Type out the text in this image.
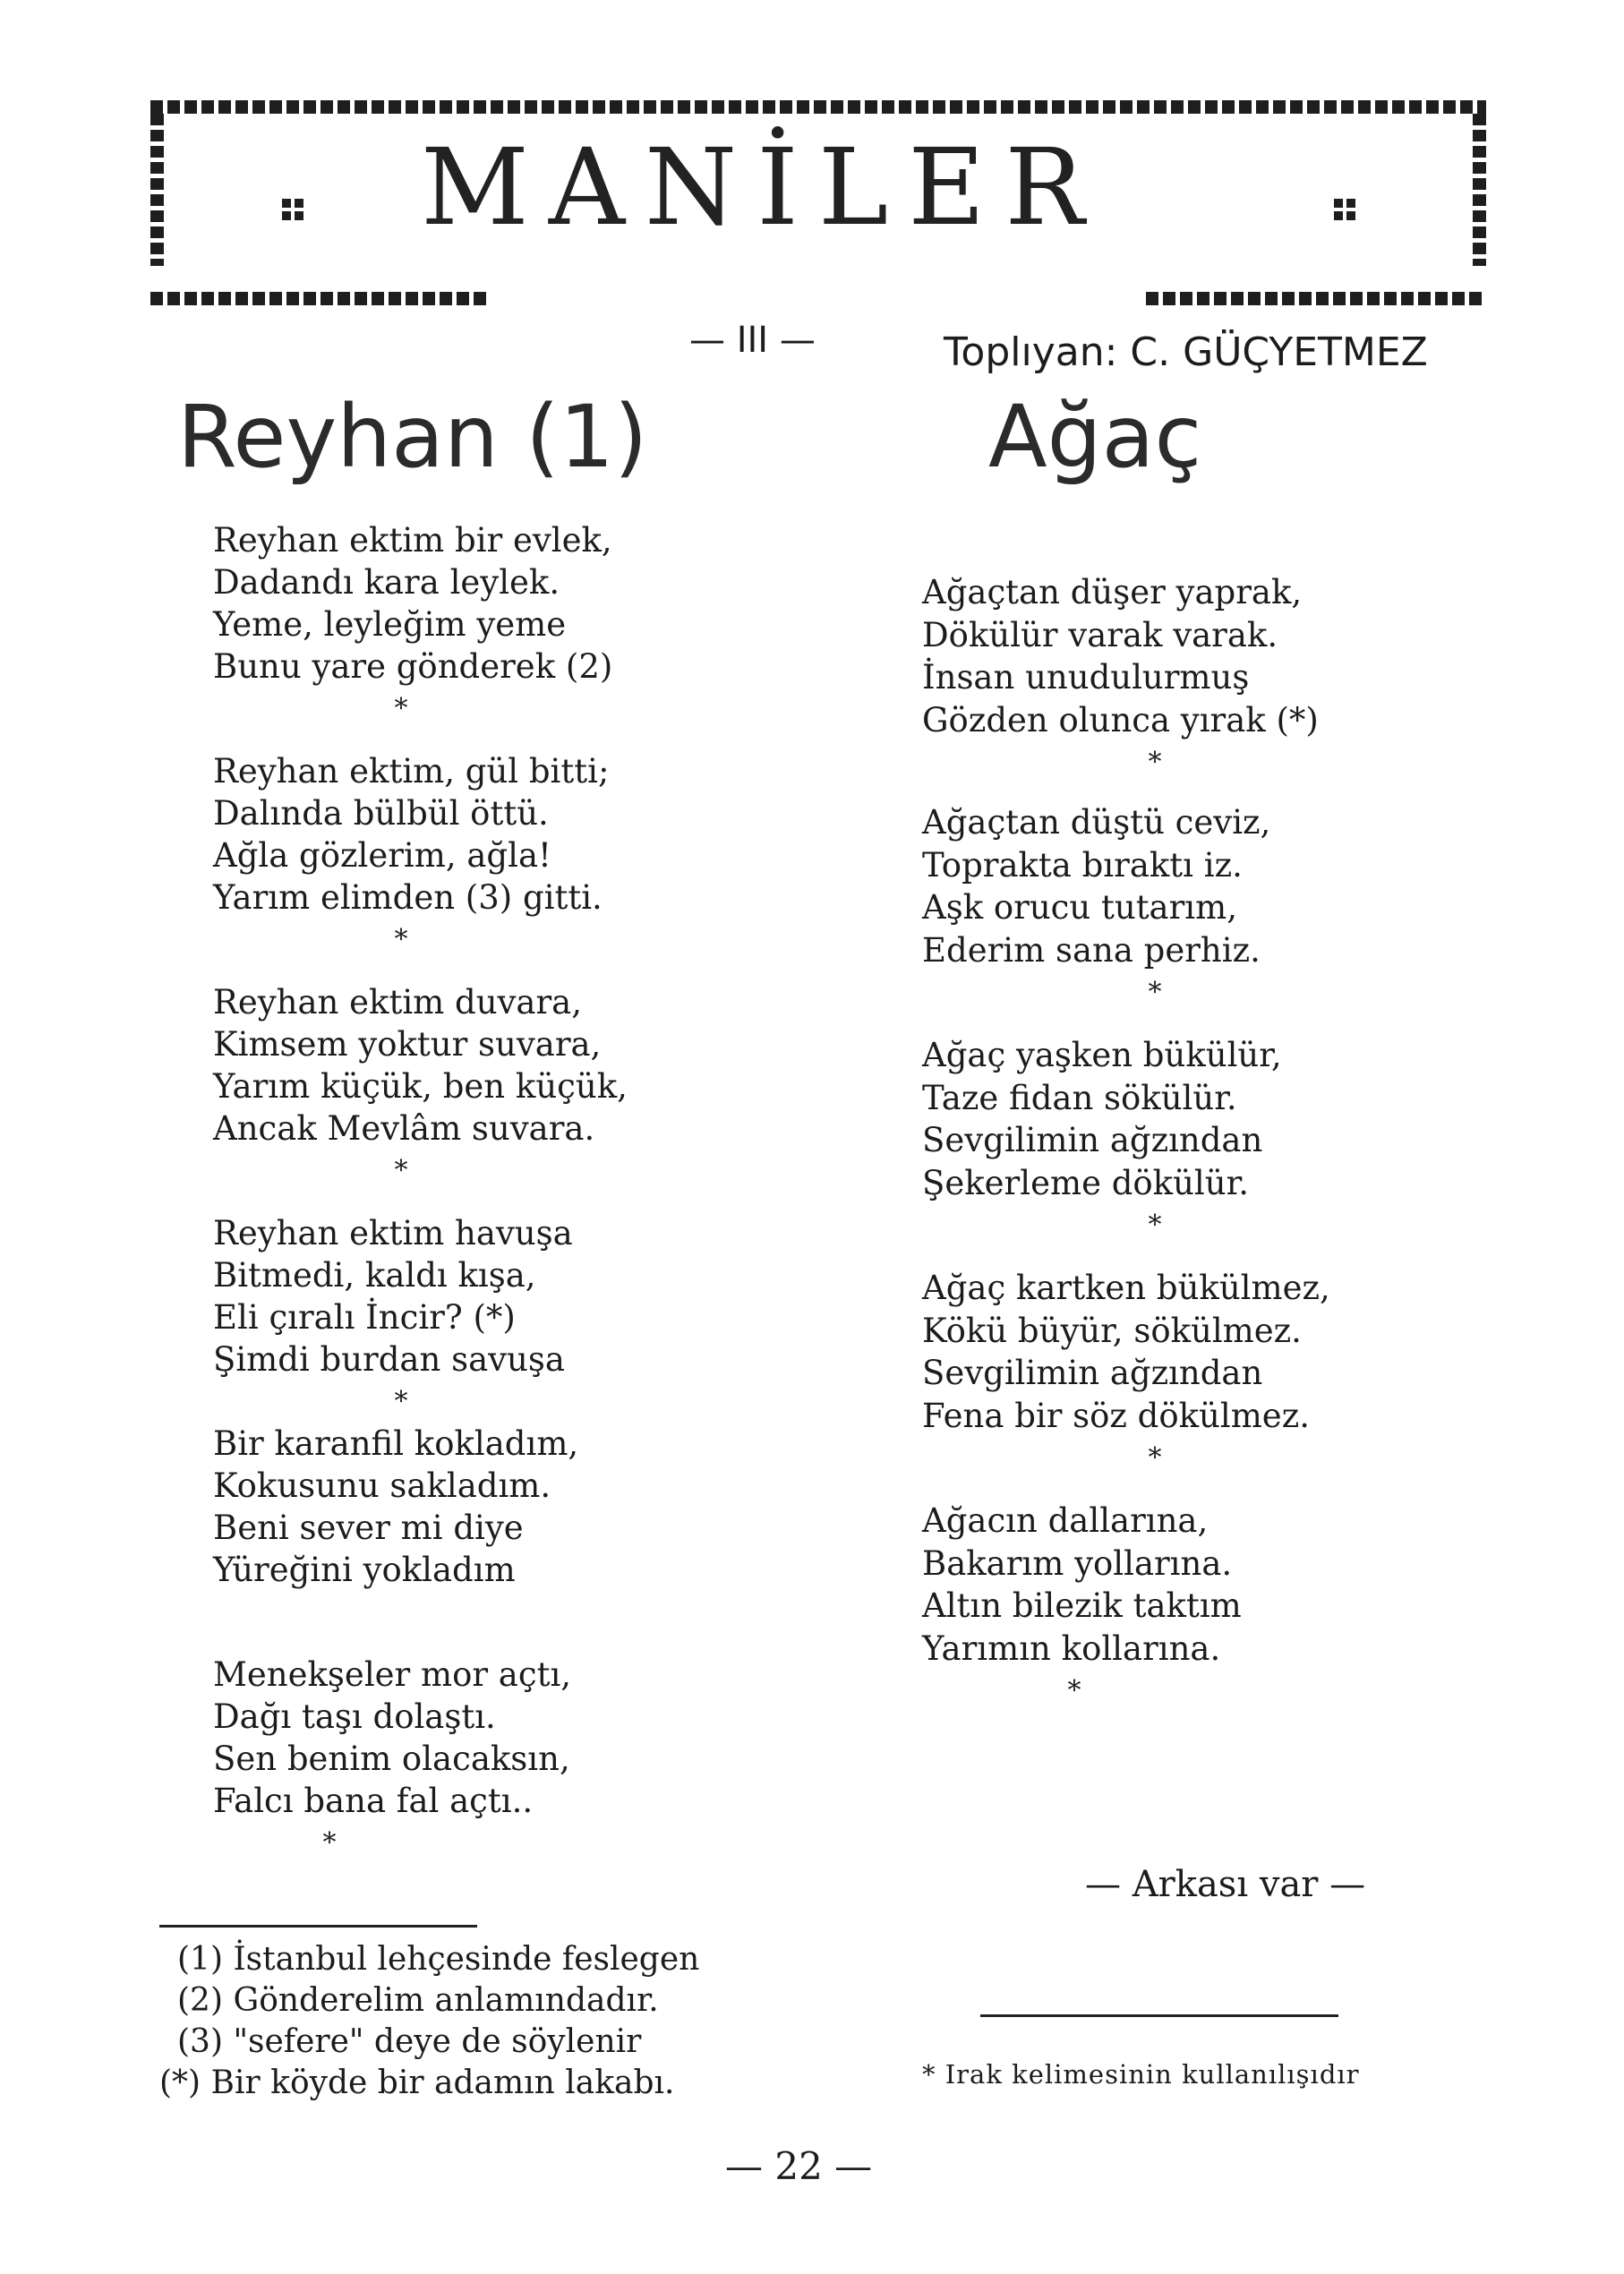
MANİLER
— III —	Toplıyan: C. GÜÇYETMEZ
Reyhan (1)	Ağaç
Reyhan ektim bir evlek,
Dadandı kara leylek.
Yeme, leyleğim yeme
Bunu yare gönderek (2)
*
Reyhan ektim, gül bitti;
Dalında bülbül öttü.
Ağla gözlerim, ağla!
Yarım elimden (3) gitti.
*
Reyhan ektim duvara,
Kimsem yoktur suvara,
Yarım küçük, ben küçük,
Ancak Mevlâm suvara.
*
Reyhan ektim havuşa
Bitmedi, kaldı kışa,
Eli çıralı İncir? (*)
Şimdi burdan savuşa
*
Bir karanfil kokladım,
Kokusunu sakladım.
Beni sever mi diye
Yüreğini yokladım
Menekşeler mor açtı,
Dağı taşı dolaştı.
Sen benim olacaksın,
Falcı bana fal açtı..
*
Ağaçtan düşer yaprak,
Dökülür varak varak.
İnsan unudulurmuş
Gözden olunca yırak (*)
*
Ağaçtan düştü ceviz,
Toprakta bıraktı iz.
Aşk orucu tutarım,
Ederim sana perhiz.
*
Ağaç yaşken bükülür,
Taze fidan sökülür.
Sevgilimin ağzından
Şekerleme dökülür.
*
Ağaç kartken bükülmez,
Kökü büyür, sökülmez.
Sevgilimin ağzından
Fena bir söz dökülmez.
*
Ağacın dallarına,
Bakarım yollarına.
Altın bilezik taktım
Yarımın kollarına.
*
— Arkası var —
(1) İstanbul lehçesinde feslegen
(2) Gönderelim anlamındadır.
(3) "sefere" deye de söylenir
(*) Bir köyde bir adamın lakabı.	* Irak kelimesinin kullanılışıdır
— 22 —
